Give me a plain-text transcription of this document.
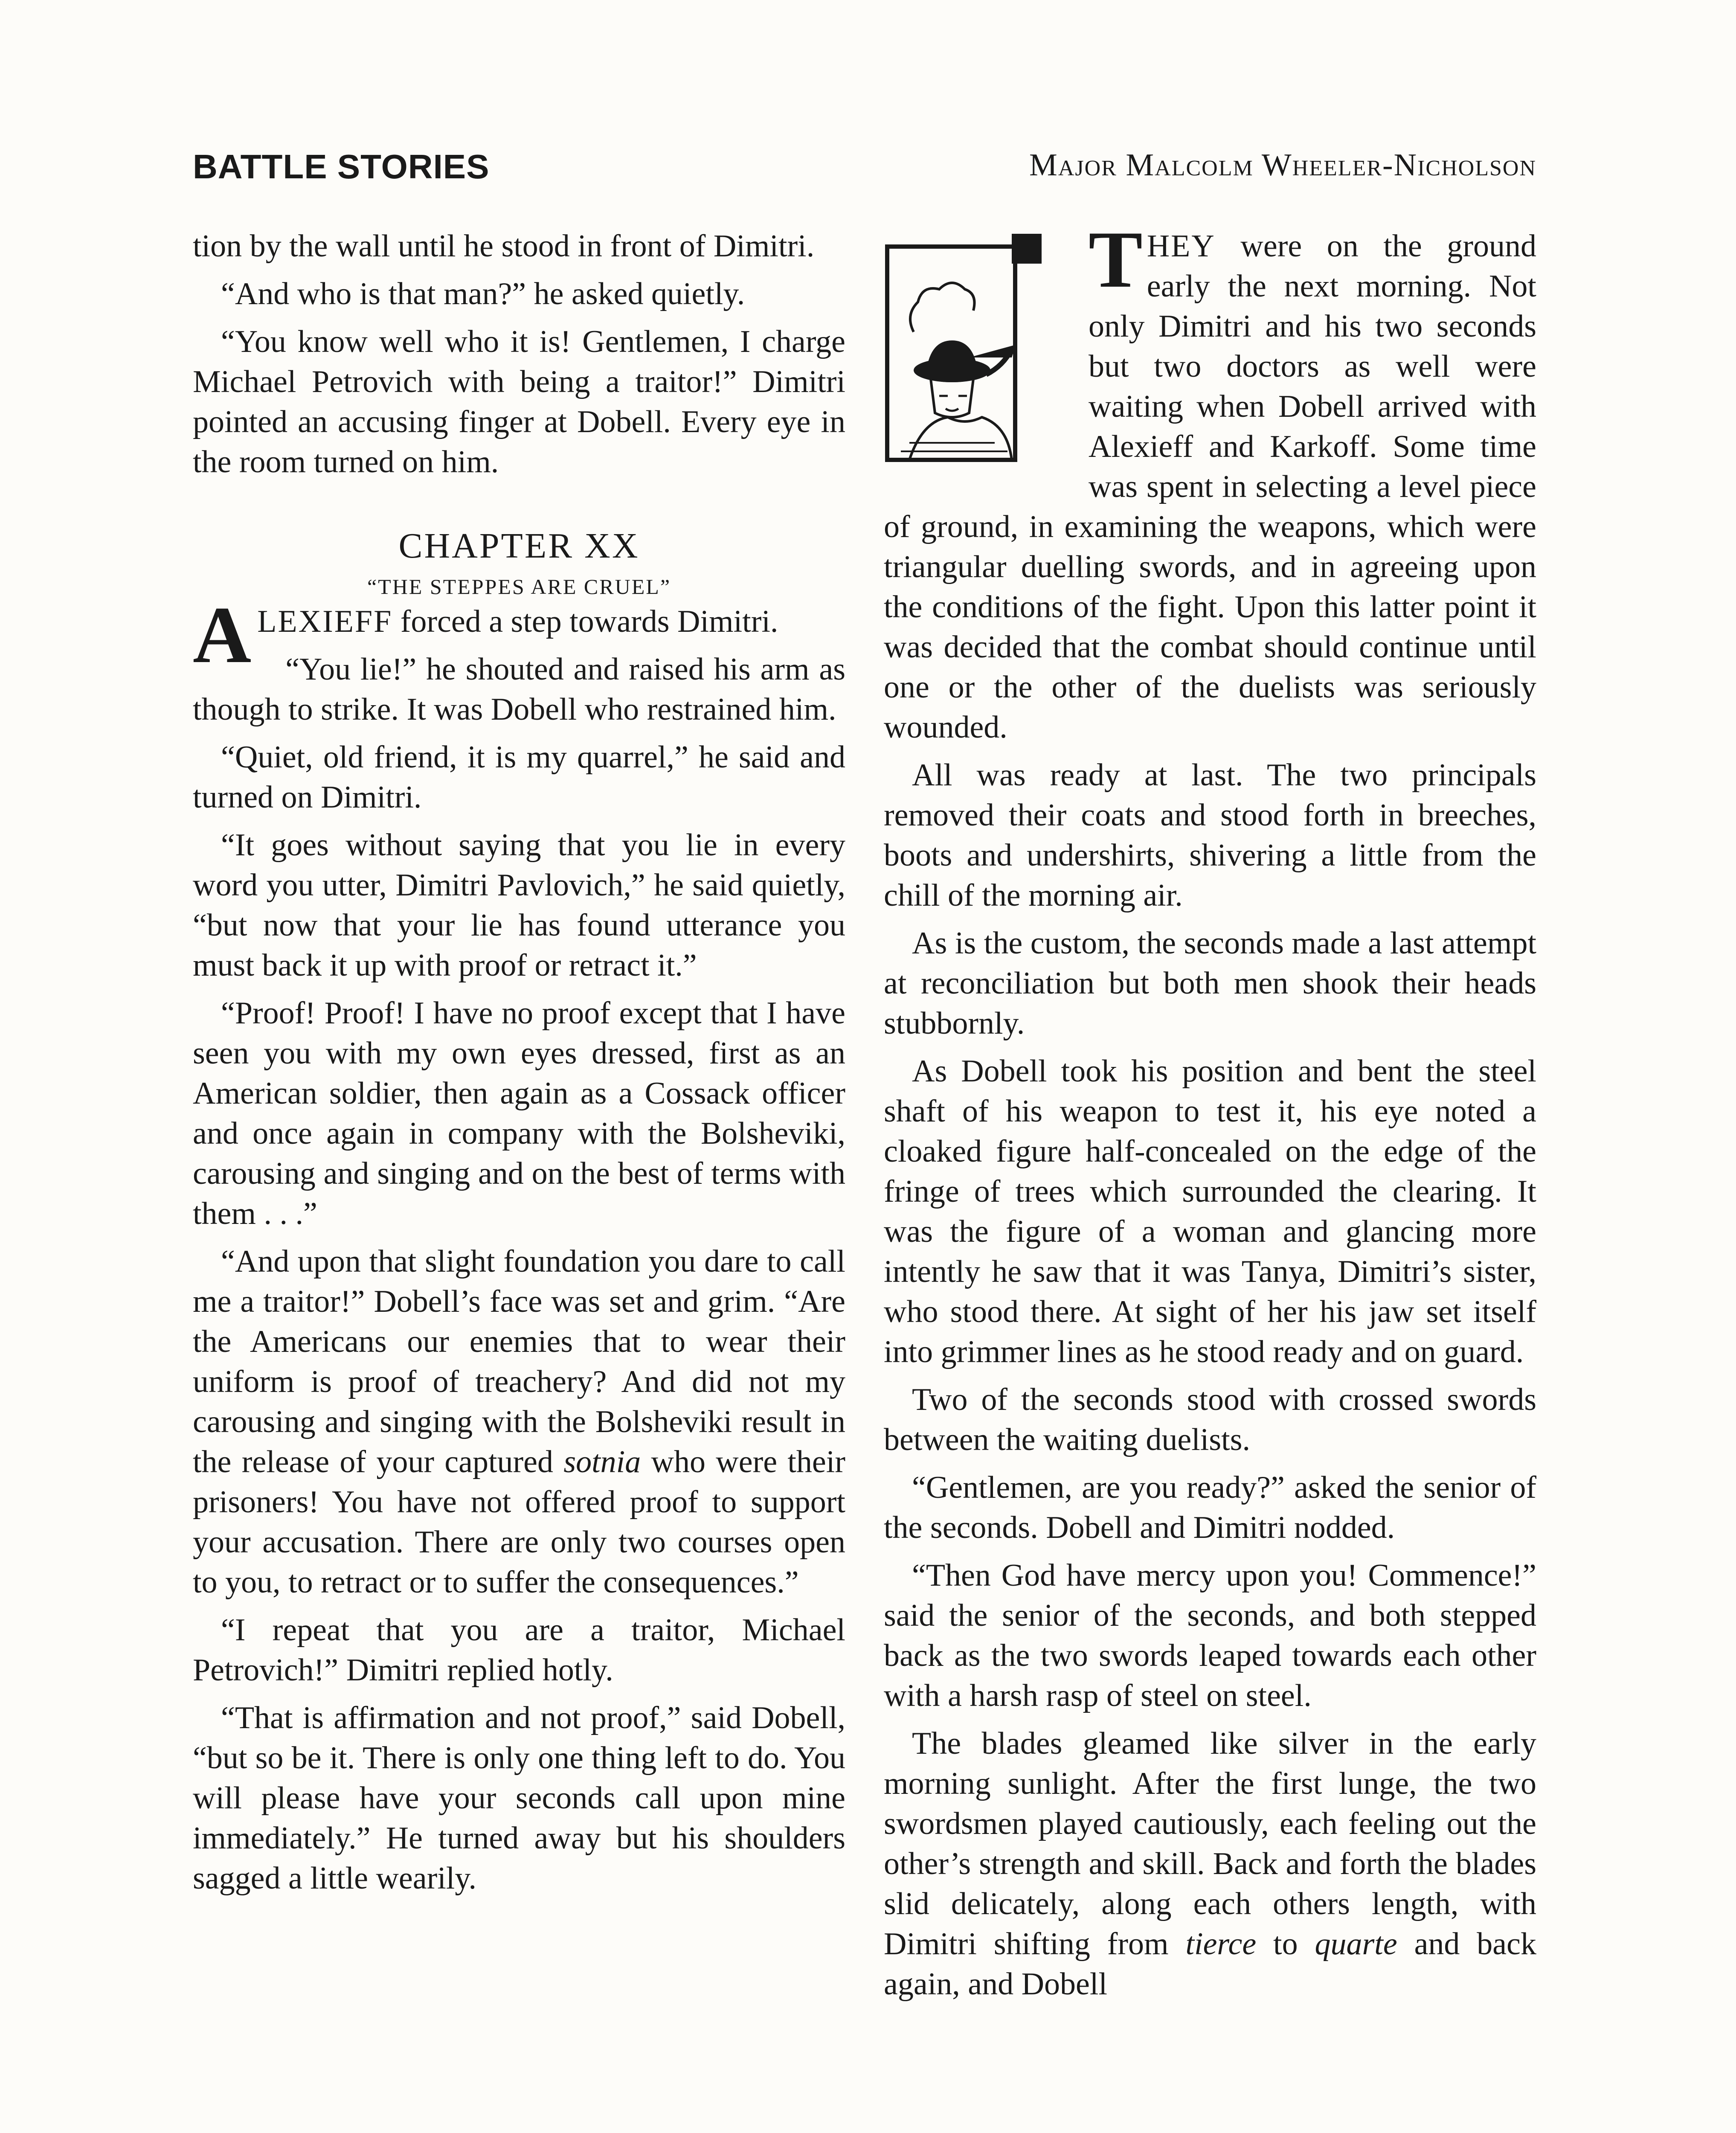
BATTLE STORIES	Major Malcolm Wheeler-Nicholson

tion by the wall until he stood in front of Dimitri.

“And who is that man?” he asked quietly.

“You know well who it is! Gentlemen, I charge Michael Petrovich with being a traitor!” Dimitri pointed an accusing finger at Dobell. Every eye in the room turned on him.

CHAPTER XX
“THE STEPPES ARE CRUEL”

ALEXIEFF forced a step towards Dimitri.

“You lie!” he shouted and raised his arm as though to strike. It was Dobell who restrained him.

“Quiet, old friend, it is my quarrel,” he said and turned on Dimitri.

“It goes without saying that you lie in every word you utter, Dimitri Pavlovich,” he said quietly, “but now that your lie has found utterance you must back it up with proof or retract it.”

“Proof! Proof! I have no proof except that I have seen you with my own eyes dressed, first as an American soldier, then again as a Cossack officer and once again in company with the Bolsheviki, carousing and singing and on the best of terms with them . . .”

“And upon that slight foundation you dare to call me a traitor!” Dobell’s face was set and grim. “Are the Americans our enemies that to wear their uniform is proof of treachery? And did not my carousing and singing with the Bolsheviki result in the release of your captured sotnia who were their prisoners! You have not offered proof to support your accusation. There are only two courses open to you, to retract or to suffer the consequences.”

“I repeat that you are a traitor, Michael Petrovich!” Dimitri replied hotly.

“That is affirmation and not proof,” said Dobell, “but so be it. There is only one thing left to do. You will please have your seconds call upon mine immediately.” He turned away but his shoulders sagged a little wearily.

THEY were on the ground early the next morning. Not only Dimitri and his two seconds but two doctors as well were waiting when Dobell arrived with Alexieff and Karkoff. Some time was spent in selecting a level piece of ground, in examining the weapons, which were triangular duelling swords, and in agreeing upon the conditions of the fight. Upon this latter point it was decided that the combat should continue until one or the other of the duelists was seriously wounded.

All was ready at last. The two principals removed their coats and stood forth in breeches, boots and undershirts, shivering a little from the chill of the morning air.

As is the custom, the seconds made a last attempt at reconciliation but both men shook their heads stubbornly.

As Dobell took his position and bent the steel shaft of his weapon to test it, his eye noted a cloaked figure half-concealed on the edge of the fringe of trees which surrounded the clearing. It was the figure of a woman and glancing more intently he saw that it was Tanya, Dimitri’s sister, who stood there. At sight of her his jaw set itself into grimmer lines as he stood ready and on guard.

Two of the seconds stood with crossed swords between the waiting duelists.

“Gentlemen, are you ready?” asked the senior of the seconds. Dobell and Dimitri nodded.

“Then God have mercy upon you! Commence!” said the senior of the seconds, and both stepped back as the two swords leaped towards each other with a harsh rasp of steel on steel.

The blades gleamed like silver in the early morning sunlight. After the first lunge, the two swordsmen played cautiously, each feeling out the other’s strength and skill. Back and forth the blades slid delicately, along each others length, with Dimitri shifting from tierce to quarte and back again, and Dobell
